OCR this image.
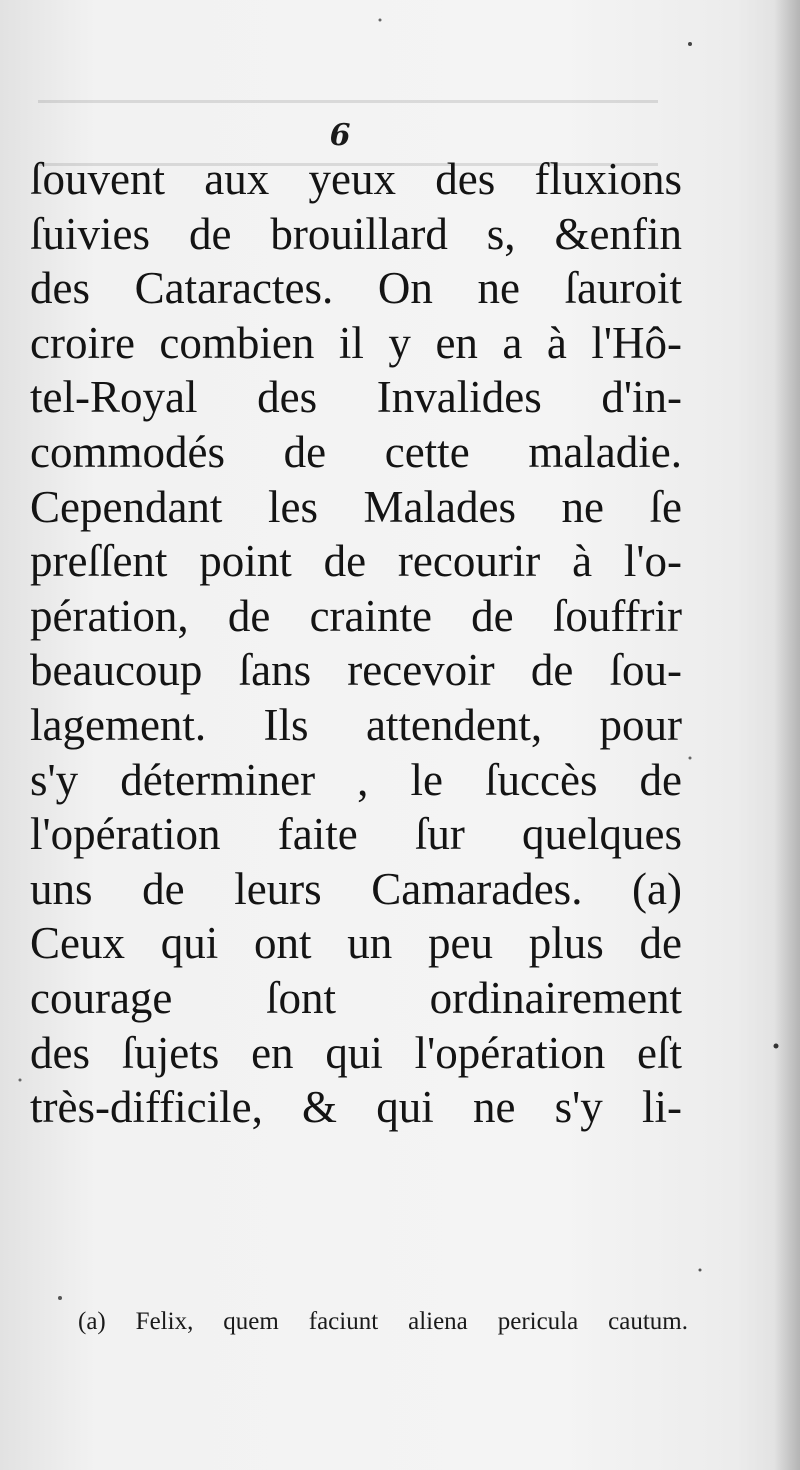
6
ſouvent aux yeux des fluxions
ſuivies de brouillard s, &enfin
des Cataractes. On ne ſauroit
croire combien il y en a à l'Hô-
tel-Royal des Invalides d'in-
commodés de cette maladie.
Cependant les Malades ne ſe
preſſent point de recourir à l'o-
pération, de crainte de ſouffrir
beaucoup ſans recevoir de ſou-
lagement. Ils attendent, pour
s'y déterminer , le ſuccès de
l'opération faite ſur quelques
uns de leurs Camarades. (a)
Ceux qui ont un peu plus de
courage ſont ordinairement
des ſujets en qui l'opération eſt
très-difficile, & qui ne s'y li-
(a) Felix, quem faciunt aliena pericula cautum.
